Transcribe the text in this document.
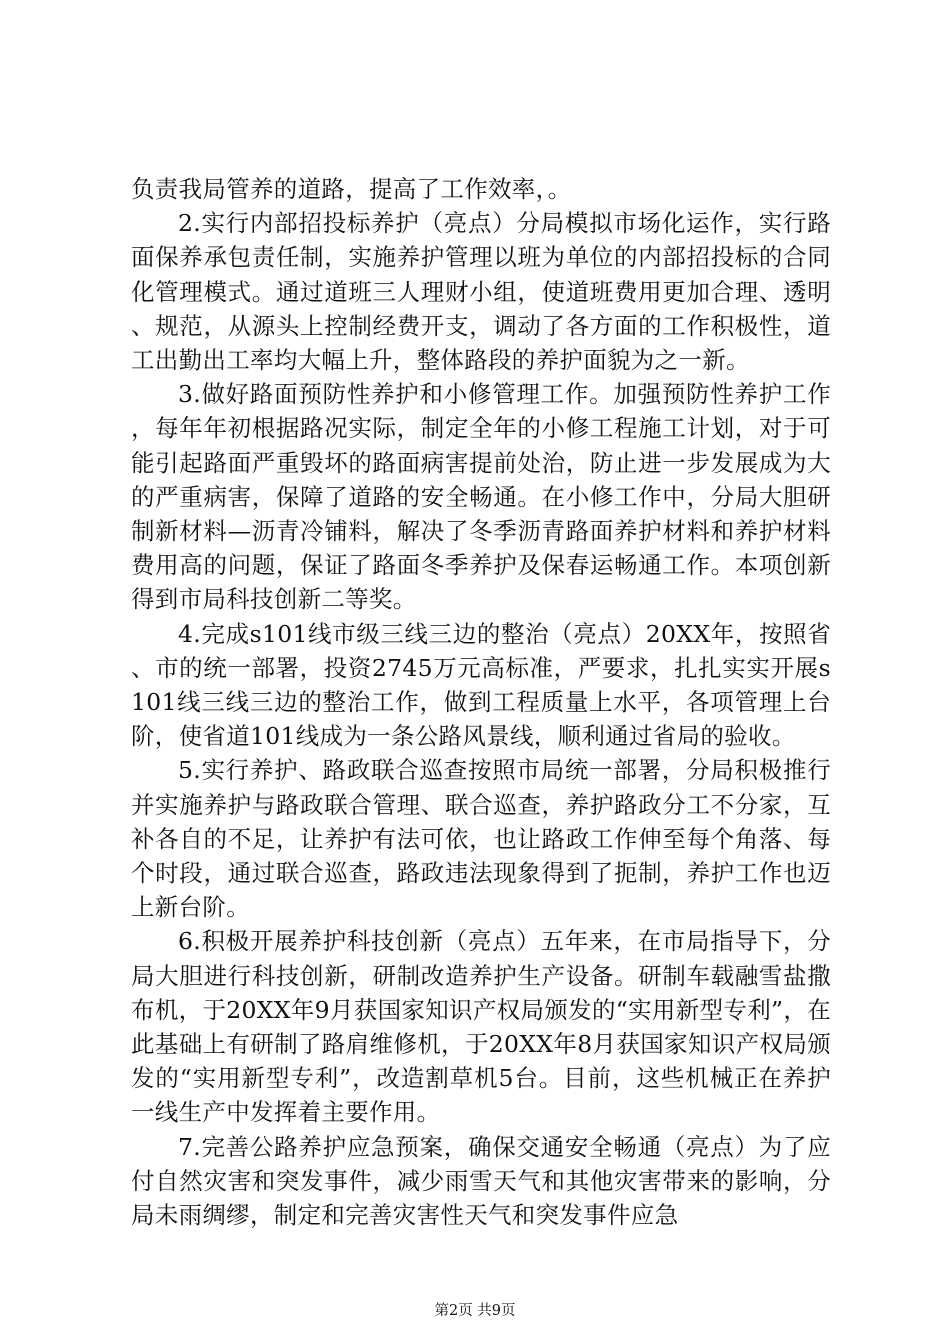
负责我局管养的道路，提高了工作效率，。

2.实行内部招投标养护（亮点）分局模拟市场化运作，实行路面保养承包责任制，实施养护管理以班为单位的内部招投标的合同化管理模式。通过道班三人理财小组，使道班费用更加合理、透明、规范，从源头上控制经费开支，调动了各方面的工作积极性，道工出勤出工率均大幅上升，整体路段的养护面貌为之一新。

3.做好路面预防性养护和小修管理工作。加强预防性养护工作，每年年初根据路况实际，制定全年的小修工程施工计划，对于可能引起路面严重毁坏的路面病害提前处治，防止进一步发展成为大的严重病害，保障了道路的安全畅通。在小修工作中，分局大胆研制新材料—沥青冷铺料，解决了冬季沥青路面养护材料和养护材料费用高的问题，保证了路面冬季养护及保春运畅通工作。本项创新得到市局科技创新二等奖。

4.完成s101线市级三线三边的整治（亮点）20XX年，按照省、市的统一部署，投资2745万元高标准，严要求，扎扎实实开展s101线三线三边的整治工作，做到工程质量上水平，各项管理上台阶，使省道101线成为一条公路风景线，顺利通过省局的验收。

5.实行养护、路政联合巡查按照市局统一部署，分局积极推行并实施养护与路政联合管理、联合巡查，养护路政分工不分家，互补各自的不足，让养护有法可依，也让路政工作伸至每个角落、每个时段，通过联合巡查，路政违法现象得到了扼制，养护工作也迈上新台阶。

6.积极开展养护科技创新（亮点）五年来，在市局指导下，分局大胆进行科技创新，研制改造养护生产设备。研制车载融雪盐撒布机，于20XX年9月获国家知识产权局颁发的“实用新型专利”，在此基础上有研制了路肩维修机，于20XX年8月获国家知识产权局颁发的“实用新型专利”，改造割草机5台。目前，这些机械正在养护一线生产中发挥着主要作用。

7.完善公路养护应急预案，确保交通安全畅通（亮点）为了应付自然灾害和突发事件，减少雨雪天气和其他灾害带来的影响，分局未雨绸缪，制定和完善灾害性天气和突发事件应急

第2页 共9页
